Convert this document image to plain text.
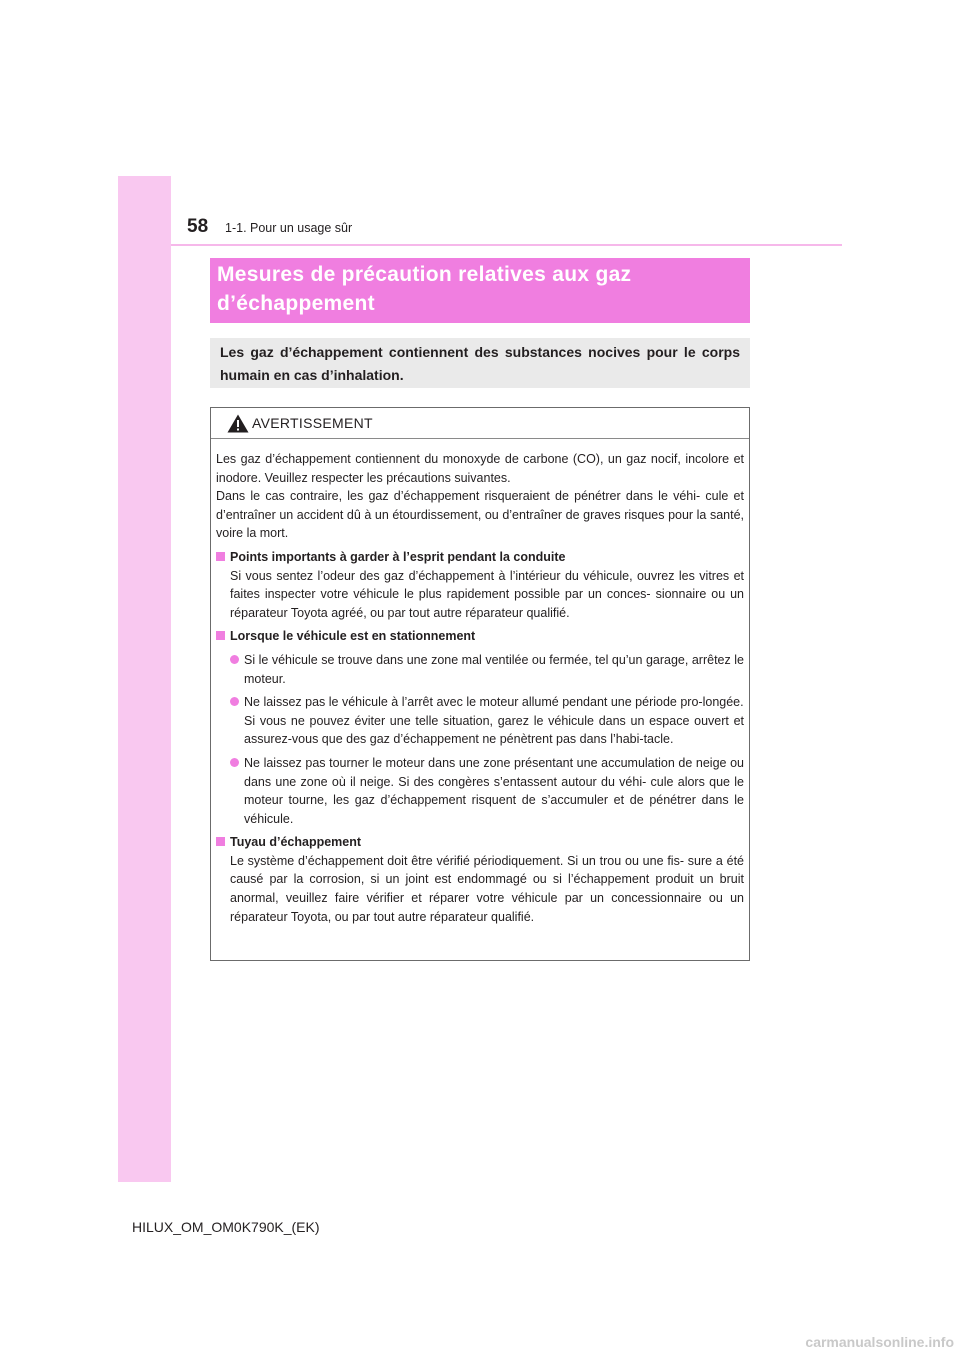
58 1-1. Pour un usage sûr
Mesures de précaution relatives aux gaz
d’échappement
Les gaz d’échappement contiennent des substances nocives pour le corps humain en cas d’inhalation.
AVERTISSEMENT

Les gaz d’échappement contiennent du monoxyde de carbone (CO), un gaz nocif, incolore et inodore. Veuillez respecter les précautions suivantes.
Dans le cas contraire, les gaz d’échappement risqueraient de pénétrer dans le véhi- cule et d’entraîner un accident dû à un étourdissement, ou d’entraîner de graves risques pour la santé, voire la mort.

Points importants à garder à l’esprit pendant la conduite
Si vous sentez l’odeur des gaz d’échappement à l’intérieur du véhicule, ouvrez les vitres et faites inspecter votre véhicule le plus rapidement possible par un conces- sionnaire ou un réparateur Toyota agréé, ou par tout autre réparateur qualifié.
Lorsque le véhicule est en stationnement
Si le véhicule se trouve dans une zone mal ventilée ou fermée, tel qu’un garage, arrêtez le moteur.
Ne laissez pas le véhicule à l’arrêt avec le moteur allumé pendant une période pro-longée.
Si vous ne pouvez éviter une telle situation, garez le véhicule dans un espace ouvert et assurez-vous que des gaz d’échappement ne pénètrent pas dans l’habi-tacle.
Ne laissez pas tourner le moteur dans une zone présentant une accumulation de neige ou dans une zone où il neige. Si des congères s’entassent autour du véhi- cule alors que le moteur tourne, les gaz d’échappement risquent de s’accumuler et de pénétrer dans le véhicule.
Tuyau d’échappement
Le système d’échappement doit être vérifié périodiquement. Si un trou ou une fis- sure a été causé par la corrosion, si un joint est endommagé ou si l’échappement produit un bruit anormal, veuillez faire vérifier et réparer votre véhicule par un concessionnaire ou un réparateur Toyota, ou par tout autre réparateur qualifié.
HILUX_OM_OM0K790K_(EK)
carmanualsonline.info
